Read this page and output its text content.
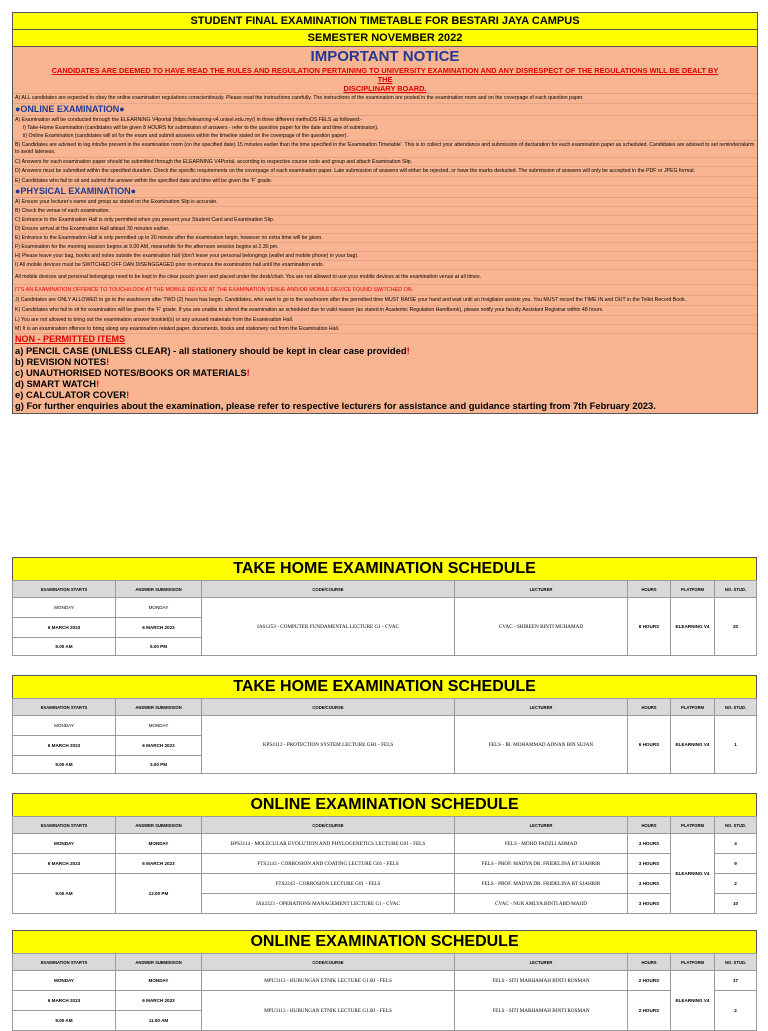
STUDENT FINAL EXAMINATION TIMETABLE FOR BESTARI JAYA CAMPUS
SEMESTER NOVEMBER 2022
IMPORTANT NOTICE
CANDIDATES ARE DEEMED TO HAVE READ THE RULES AND REGULATION PERTAINING TO UNIVERSITY EXAMINATION AND ANY DISRESPECT OF THE REGULATIONS WILL BE DEALT BY
THE
DISCIPLINARY BOARD.
A) ALL candidates are expected to obey the online examination regulations conscientiously. Please read the instructions carefully. The instructions of the examination are posted in the examination room and on the coverpage of each question paper.
●ONLINE EXAMINATION●
A) Examination will be conducted through the ELEARNING V4portal (https://elearning-v4.unisel.edu.my/) in three different methoDS FELS as followed:-
i) Take-Home Examination (candidates will be given 8 HOURS for submission of answers - refer to the question paper for the date and time of submission),
ii) Online Examination (candidates will sit for the exam and submit answers within the timeline stated on the coverpage of the question paper).
B) Candidates are advised to log into/be present in the examination room (on the specified date) 15 minutes earlier than the time specified in the 'Examination Timetable'. This is to collect your attendance and submission of declaration for each examination paper as scheduled. Candidates are advised to set reminder/alarm to avoid lateness.
C) Answers for each examination paper should be submitted through the ELEARNING V4Portal, according to respective course code and group and attach Examination Slip.
D) Answers must be submitted within the specified duration. Check the specific requirements on the coverpage of each examination paper. Late submission of answers will either be rejected, or have the marks deducted. The submission of answers will only be accepted in the PDF or JPEG format.
E) Candidates who fail to sit and submit the answer within the specified date and time will be given the 'F' grade.
●PHYSICAL EXAMINATION●
A) Ensure your lecturer's name and group as stated on the Examination Slip is accurate.
B) Check the venue of each examination.
C) Entrance to the Examination Hall is only permitted when you present your Student Card and Examination Slip.
D) Ensure arrival at the Examination Hall atleast 30 minutes earlier.
E) Entrance to the Examination Hall is only permitted up to 30 minute after the examination begin, however no extra time will be given.
F) Examination for the morning session begins at 9.00 AM, meanwhile for the afternoon session begins at 2.30 pm.
H) Please leave your bag, books and notes outside the examination hall (don't leave your personal belongings (wallet and mobile phone) in your bag).
I) All mobile devices must be SWITCHED OFF DAN DISENGGAGED prior to entrance the examination hall until the examination ends.
All mobile devices and personal belongings need to be kept in the clear pouch given and placed under the desk/chair. You are not allowed to use your mobile devices at the examination venue at all times.
IT'S AN EXAMINATION OFFENCE TO TOUCH/LOOK AT THE MOBILE DEVICE AT THE EXAMINATION VENUE AND/OR MOBILE DEVICE FOUND SWITCHED ON.
J) Candidates are ONLY ALLOWED to go to the washroom after TWO (2) hours has begin. Candidates, who want to go to the washroom after the permitted time MUST RAISE your hand and wait until an Invigilator assists you. You MUST record the TIME IN and OUT in the Toilet Record Book.
K) Candidates who fail to sit for examination will be given the 'F' grade. If you are unable to attend the examination as scheduled due to valid reason (as stated in Academic Regulation Handbook), please notify your faculty Assistant Registrar within 48 hours.
L) You are not allowed to bring out the examination answer booklet(s) or any unused materials from the Examination Hall.
M) It is an examination offence to bring along any examination related paper, documents, books and stationery out from the Examination Hall.
NON - PERMITTED ITEMS
a) PENCIL CASE (UNLESS CLEAR) - all stationery should be kept in clear case provided!
b) REVISION NOTES!
c) UNAUTHORISED NOTES/BOOKS OR MATERIALS!
d) SMART WATCH!
e) CALCULATOR COVER!
g) For further enquiries about the examination, please refer to respective lecturers for assistance and guidance starting from 7th February 2023.
TAKE HOME EXAMINATION SCHEDULE						
EXAMINATION STARTS	ANSWER SUBMISSION	CODE/COURSE	LECTURER	HOURS	PLATFORM	NO. STUD.
MONDAY	MONDAY	IAS1253 - COMPUTER FUNDAMENTAL LECTURE G1 - CVAC	CVAC - SHIREEN BINTI MUHAMAD	8 HOURS	ELEARNING V4	20
6 MARCH 2023	6 MARCH 2023					
9.00 AM	5.00 PM					
TAKE HOME EXAMINATION SCHEDULE						
EXAMINATION STARTS	ANSWER SUBMISSION	CODE/COURSE	LECTURER	HOURS	PLATFORM	NO. STUD.
MONDAY	MONDAY	KPS4113 - PROTECTION SYSTEM LECTURE GH1 - FELS	FELS - IR. MOHAMMAD ADNAN BIN SUJAN	6 HOURS	ELEARNING V4	1
6 MARCH 2023	6 MARCH 2023					
9.00 AM	3.00 PM					
ONLINE EXAMINATION SCHEDULE						
EXAMINATION STARTS	ANSWER SUBMISSION	CODE/COURSE	LECTURER	HOURS	PLATFORM	NO. STUD.
MONDAY	MONDAY	BPS3114 - MOLECULAR EVOLUTION AND PHYLOGENETICS LECTURE G01 - FELS	FELS - MOHD FADZLI AHMAD	3 HOURS	ELEARNING V4	4
6 MARCH 2023	6 MARCH 2023	FTS2143 - CORROSION AND COATING LECTURE G01 - FELS	FELS - PROF. MADYA DR. FRIDELINA BT SJAHRIR	3 HOURS		9
9.00 AM	12.00 PM	FTS2243 - CORROSION LECTURE G01 - FELS	FELS - PROF. MADYA DR. FRIDELINA BT SJAHRIR	3 HOURS		2
		IAS2323 - OPERATIONS MANAGEMENT LECTURE G1 - CVAC	CVAC - NUR AMLYA BINTI ABD MAJID	3 HOURS		10
ONLINE EXAMINATION SCHEDULE						
EXAMINATION STARTS	ANSWER SUBMISSION	CODE/COURSE	LECTURER	HOURS	PLATFORM	NO. STUD.
MONDAY	MONDAY	MPU3112 - HUBUNGAN ETNIK LECTURE G1.BJ - FELS	FELS - SITI MARHAMAH BINTI ROSMAN	2 HOURS	ELEARNING V4	17
6 MARCH 2023	6 MARCH 2023	MPU3113 - HUBUNGAN ETNIK LECTURE G1.BJ - FELS	FELS - SITI MARHAMAH BINTI ROSMAN	2 HOURS		2
9.00 AM	11.00 AM					
